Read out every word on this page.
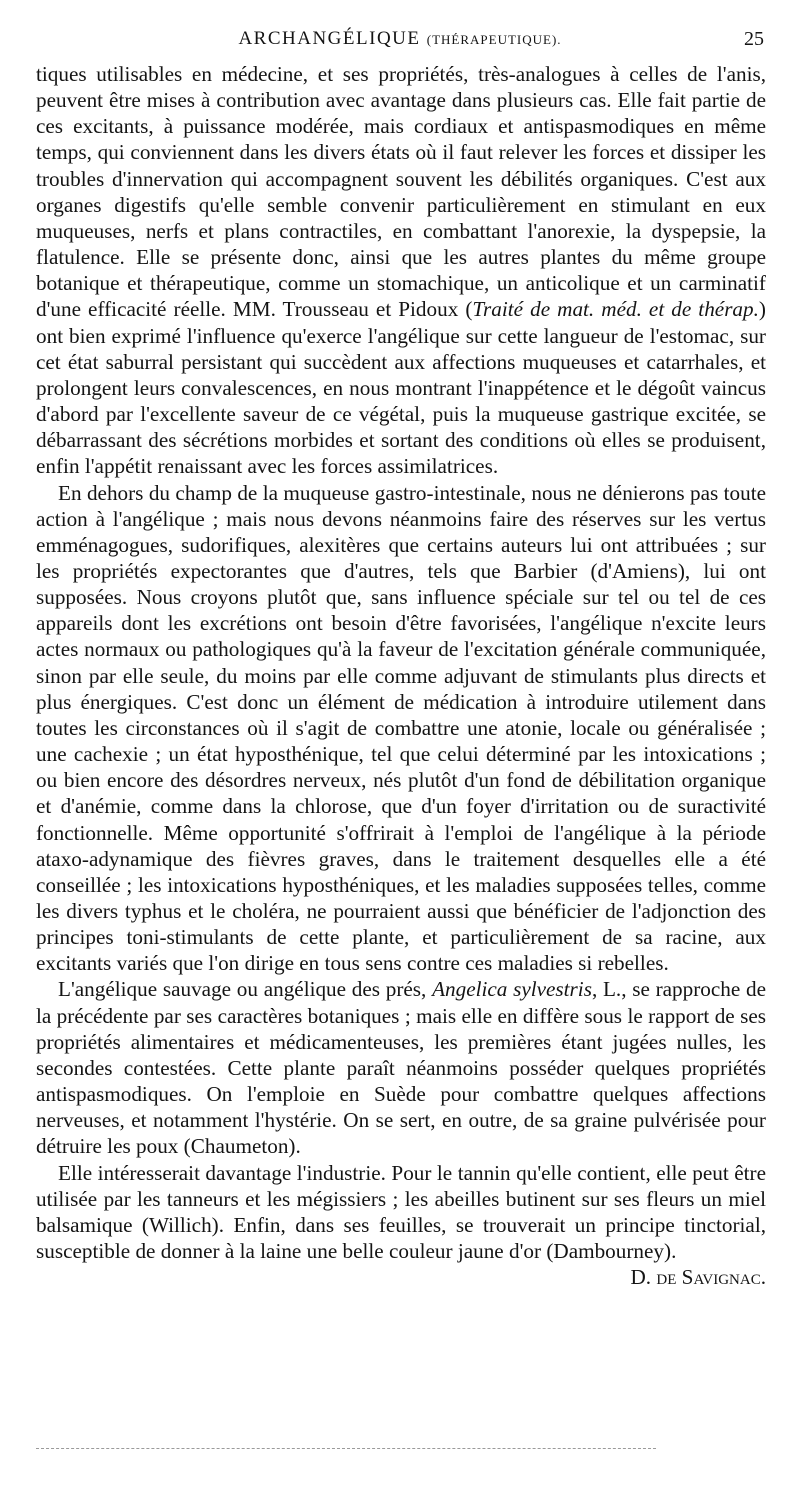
ARCHANGÉLIQUE (THÉRAPEUTIQUE).	25

tiques utilisables en médecine, et ses propriétés, très-analogues à celles de l'anis, peuvent être mises à contribution avec avantage dans plusieurs cas. Elle fait partie de ces excitants, à puissance modérée, mais cordiaux et antispasmodiques en même temps, qui conviennent dans les divers états où il faut relever les forces et dissiper les troubles d'innervation qui accompagnent souvent les débilités organiques. C'est aux organes digestifs qu'elle semble convenir particulièrement en stimulant en eux muqueuses, nerfs et plans contractiles, en combattant l'anorexie, la dyspepsie, la flatulence. Elle se présente donc, ainsi que les autres plantes du même groupe botanique et thérapeutique, comme un stomachique, un anticolique et un carminatif d'une efficacité réelle. MM. Trousseau et Pidoux (Traité de mat. méd. et de thérap.) ont bien exprimé l'influence qu'exerce l'angélique sur cette langueur de l'estomac, sur cet état saburral persistant qui succèdent aux affections muqueuses et catarrhales, et prolongent leurs convalescences, en nous montrant l'inappétence et le dégoût vaincus d'abord par l'excellente saveur de ce végétal, puis la muqueuse gastrique excitée, se débarrassant des sécrétions morbides et sortant des conditions où elles se produisent, enfin l'appétit renaissant avec les forces assimilatrices.

En dehors du champ de la muqueuse gastro-intestinale, nous ne dénierons pas toute action à l'angélique ; mais nous devons néanmoins faire des réserves sur les vertus emménagogues, sudorifiques, alexitères que certains auteurs lui ont attribuées ; sur les propriétés expectorantes que d'autres, tels que Barbier (d'Amiens), lui ont supposées. Nous croyons plutôt que, sans influence spéciale sur tel ou tel de ces appareils dont les excrétions ont besoin d'être favorisées, l'angélique n'excite leurs actes normaux ou pathologiques qu'à la faveur de l'excitation générale communiquée, sinon par elle seule, du moins par elle comme adjuvant de stimulants plus directs et plus énergiques. C'est donc un élément de médication à introduire utilement dans toutes les circonstances où il s'agit de combattre une atonie, locale ou généralisée ; une cachexie ; un état hyposthénique, tel que celui déterminé par les intoxications ; ou bien encore des désordres nerveux, nés plutôt d'un fond de débilitation organique et d'anémie, comme dans la chlorose, que d'un foyer d'irritation ou de suractivité fonctionnelle. Même opportunité s'offrirait à l'emploi de l'angélique à la période ataxo-adynamique des fièvres graves, dans le traitement desquelles elle a été conseillée ; les intoxications hyposthéniques, et les maladies supposées telles, comme les divers typhus et le choléra, ne pourraient aussi que bénéficier de l'adjonction des principes toni-stimulants de cette plante, et particulièrement de sa racine, aux excitants variés que l'on dirige en tous sens contre ces maladies si rebelles.

L'angélique sauvage ou angélique des prés, Angelica sylvestris, L., se rapproche de la précédente par ses caractères botaniques ; mais elle en diffère sous le rapport de ses propriétés alimentaires et médicamenteuses, les premières étant jugées nulles, les secondes contestées. Cette plante paraît néanmoins posséder quelques propriétés antispasmodiques. On l'emploie en Suède pour combattre quelques affections nerveuses, et notamment l'hystérie. On se sert, en outre, de sa graine pulvérisée pour détruire les poux (Chaumeton).

Elle intéresserait davantage l'industrie. Pour le tannin qu'elle contient, elle peut être utilisée par les tanneurs et les mégissiers ; les abeilles butinent sur ses fleurs un miel balsamique (Willich). Enfin, dans ses feuilles, se trouverait un principe tinctorial, susceptible de donner à la laine une belle couleur jaune d'or (Dambourney).

D. de Savignac.
